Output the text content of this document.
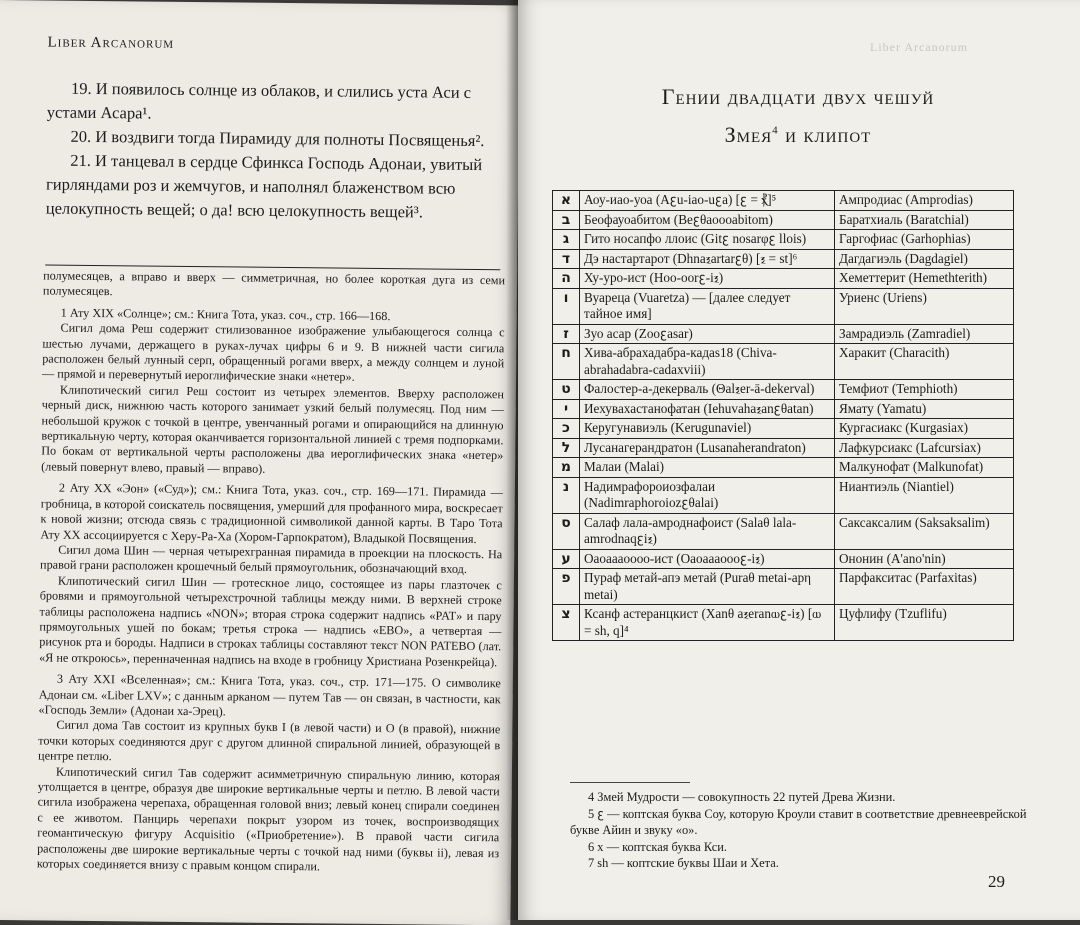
Liber Arcanorum

19. И появилось солнце из облаков, и слились уста Аси с устами Асара¹.

20. И воздвиги тогда Пирамиду для полноты Посвященья².

21. И танцевал в сердце Сфинкса Господь Адонаи, увитый гирляндами роз и жемчугов, и наполнял блаженством всю целокупность вещей; о да! всю целокупность вещей³.

полумесяцев, а вправо и вверх — симметричная, но более короткая дуга из семи полумесяцев.

1 Ату XIX «Солнце»; см.: Книга Тота, указ. соч., стр. 166—168.

Сигил дома Реш содержит стилизованное изображение улыбающегося солнца с шестью лучами, держащего в руках-лучах цифры 6 и 9. В нижней части сигила расположен белый лунный серп, обращенный рогами вверх, а между солнцем и луной — прямой и перевернутый иероглифические знаки «нетер».

Клипотический сигил Реш состоит из четырех элементов. Вверху расположен черный диск, нижнюю часть которого занимает узкий белый полумесяц. Под ним — небольшой кружок с точкой в центре, увенчанный рогами и опирающийся на длинную вертикальную черту, которая оканчивается горизонтальной линией с тремя подпорками. По бокам от вертикальной черты расположены два иероглифических знака «нетер» (левый повернут влево, правый — вправо).

2 Ату XX «Эон» («Суд»); см.: Книга Тота, указ. соч., стр. 169—171. Пирамида — гробница, в которой соискатель посвящения, умерший для профанного мира, воскресает к новой жизни; отсюда связь с традиционной символикой данной карты. В Таро Тота Ату XX ассоциируется с Херу-Ра-Ха (Хором-Гарпократом), Владыкой Посвящения.

Сигил дома Шин — черная четырехгранная пирамида в проекции на плоскость. На правой грани расположен крошечный белый прямоугольник, обозначающий вход.

Клипотический сигил Шин — гротескное лицо, состоящее из пары глазточек с бровями и прямоугольной четырехстрочной таблицы между ними. В верхней строке таблицы расположена надпись «NON»; вторая строка содержит надпись «PAT» и пару прямоугольных ушей по бокам; третья строка — надпись «EBO», а четвертая — рисунок рта и бороды. Надписи в строках таблицы составляют текст NON PATEBO (лат. «Я не откроюсь», перенначенная надпись на входе в гробницу Христиана Розенкрейца).

3 Ату XXI «Вселенная»; см.: Книга Тота, указ. соч., стр. 171—175. О символике Адонаи см. «Liber LXV»; с данным арканом — путем Тав — он связан, в частности, как «Господь Земли» (Адонаи ха-Эрец).

Сигил дома Тав состоит из крупных букв I (в левой части) и O (в правой), нижние точки которых соединяются друг с другом длинной спиральной линией, образующей в центре петлю.

Клипотический сигил Тав содержит асимметричную спиральную линию, которая утолщается в центре, образуя две широкие вертикальные черты и петлю. В левой части сигила изображена черепаха, обращенная головой вниз; левый конец спирали соединен с ее животом. Панцирь черепахи покрыт узором из точек, воспроизводящих геомантическую фигуру Acquisitio («Приобретение»). В правой части сигила расположены две широкие вертикальные черты с точкой над ними (буквы ii), левая из которых соединяется внизу с правым концом спирали.

Liber Arcanorum
Гении двадцати двух чешуй
Змея$^4$ и клипот
א	Аоу-иао-уоа (Aꜫu-iao-uꜫa) [ꜫ = ⳩]⁵	Ампродиас (Amprodias)
ב	Беофауоабитом (Beꜫθaoooabitom)	Баратхиаль (Baratchial)
ג	Гито носапфо ллоис (Gitꜫ nosarφꜫ llois)	Гаргофиас (Garhophias)
ד	Дэ настартарот (Dhnaⲝartarꜫθ) [ⲝ = st]⁶	Дагдагиэль (Dagdagiel)
ה	Ху-уро-ист (Hoo-oorꜫ-iⲝ)	Хеметтерит (Hemethterith)
ו	Вуареца (Vuaretza) — [далее следует тайное имя]	Уриенс (Uriens)
ז	Зуо асар (Zooꜫasar)	Замрадиэль (Zamradiel)
ח	Хива-абрахадабра-кадаѕ18 (Chiva-abrahadabra-cadaxviii)	Харакит (Characith)
ט	Фалостер-а-декерваль (Θalⲝer-ā-dekerval)	Темфиот (Temphioth)
י	Иехувахастанофатан (Iehuvahaⲝanꜫθatan)	Ямату (Yamatu)
כ	Керугунавиэль (Kerugunaviel)	Кургасиакс (Kurgasiax)
ל	Лусанагерандратон (Lusanaherandraton)	Лафкурсиакс (Lafcursiax)
מ	Малаи (Malai)	Малкунофат (Malkunofat)
נ	Надимрафороиозфалаи (Nadimraphoroiozꜫθalai)	Ниантиэль (Niantiel)
ס	Салаф лала-амроднафоист (Salaθ lala-amrodnaqꜫiⲝ)	Саксаксалим (Saksaksalim)
ע	Оаоааaoooo-ист (Oaoaaaoooꜫ-iⲝ)	Ононин (A'ano'nin)
פ	Пураф метай-апэ метай (Puraθ metai-apη metai)	Парфакситас (Parfaxitas)
צ	Ксанф астеранцкист (Xanθ aⲝeranⲱꜫ-iⲝ) [ⲱ = sh, q]⁴	Цуфлифу (Tzuflifu)

4 Змей Мудрости — совокупность 22 путей Древа Жизни.

5 ꜫ — коптская буква Соу, которую Кроули ставит в соответствие древнееврейской букве Айин и звуку «о».

6 x — коптская буква Кси.

7 sh — коптские буквы Шаи и Хета.

29
